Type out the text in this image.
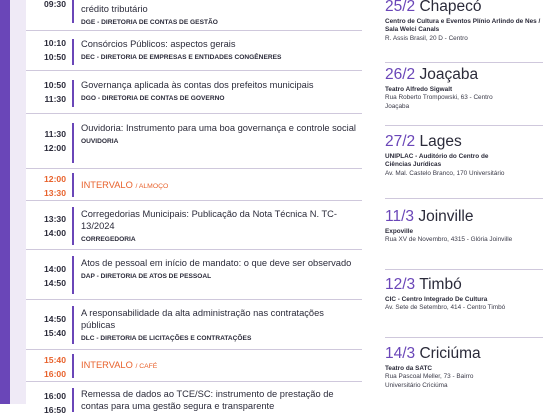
09:30
crédito tributário
DGE - DIRETORIA DE CONTAS DE GESTÃO
10:10
10:50
Consórcios Públicos: aspectos gerais
DEC - DIRETORIA DE EMPRESAS E ENTIDADES CONGÊNERES
10:50
11:30
Governança aplicada às contas dos prefeitos municipais
DGO - DIRETORIA DE CONTAS DE GOVERNO
11:30
12:00
Ouvidoria: Instrumento para uma boa governança e controle social
OUVIDORIA
12:00
13:30
INTERVALO / ALMOÇO
13:30
14:00
Corregedorias Municipais: Publicação da Nota Técnica N. TC-13/2024
CORREGEDORIA
14:00
14:50
Atos de pessoal em início de mandato: o que deve ser observado
DAP - DIRETORIA DE ATOS DE PESSOAL
14:50
15:40
A responsabilidade da alta administração nas contratações públicas
DLC - DIRETORIA DE LICITAÇÕES E CONTRATAÇÕES
15:40
16:00
INTERVALO / CAFÉ
16:00
16:50
Remessa de dados ao TCE/SC: instrumento de prestação de contas para uma gestão segura e transparente
25/2 Chapecó
Centro de Cultura e Eventos Plínio Arlindo de Nes / Sala Welci Canals
R. Assis Brasil, 20 D - Centro
26/2 Joaçaba
Teatro Alfredo Sigwalt
Rua Roberto Trompowski, 63 - Centro Joaçaba
27/2 Lages
UNIPLAC - Auditório do Centro de Ciências Jurídicas
Av. Mal. Castelo Branco, 170 Universitário
11/3 Joinville
Expoville
Rua XV de Novembro, 4315 - Glória Joinville
12/3 Timbó
CIC - Centro Integrado De Cultura
Av. Sete de Setembro, 414 - Centro Timbó
14/3 Criciúma
Teatro da SATC
Rua Pascoal Meller, 73 - Bairro Universitário Criciúma
